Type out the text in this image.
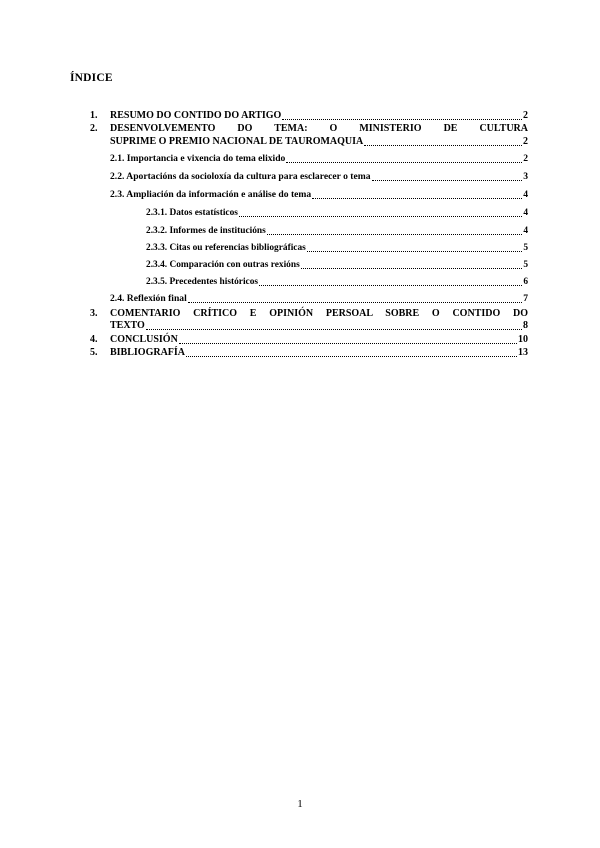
ÍNDICE
1. RESUMO DO CONTIDO DO ARTIGO	2
2. DESENVOLVEMENTO DO TEMA: O MINISTERIO DE CULTURA
SUPRIME O PREMIO NACIONAL DE TAUROMAQUIA	2
2.1. Importancia e vixencia do tema elixido	2
2.2. Aportacións da socioloxía da cultura para esclarecer o tema	3
2.3. Ampliación da información e análise do tema	4
2.3.1. Datos estatísticos	4
2.3.2. Informes de institucións	4
2.3.3. Citas ou referencias bibliográficas	5
2.3.4. Comparación con outras rexións	5
2.3.5. Precedentes históricos	6
2.4. Reflexión final	7
3. COMENTARIO CRÍTICO E OPINIÓN PERSOAL SOBRE O CONTIDO DO
TEXTO	8
4. CONCLUSIÓN	10
5. BIBLIOGRAFÍA	13
1
